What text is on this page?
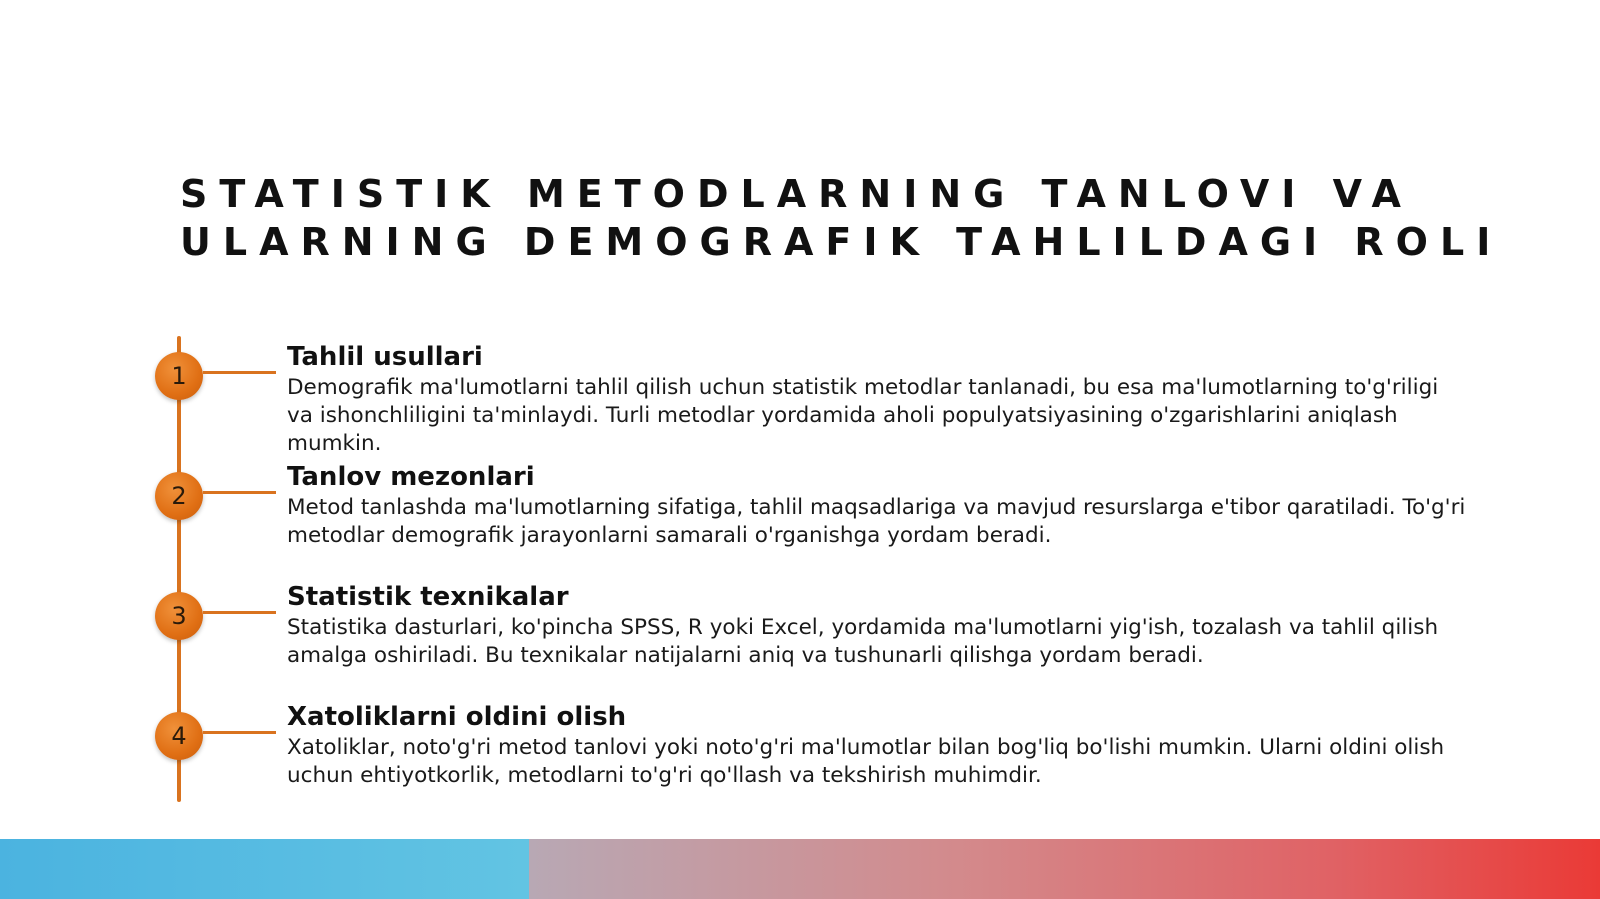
STATISTIK METODLARNING TANLOVI VA
ULARNING DEMOGRAFIK TAHLILDAGI ROLI
1
Tahlil usullari

Demografik ma'lumotlarni tahlil qilish uchun statistik metodlar tanlanadi, bu esa ma'lumotlarning to'g'riligi va ishonchliligini ta'minlaydi. Turli metodlar yordamida aholi populyatsiyasining o'zgarishlarini aniqlash mumkin.

2
Tanlov mezonlari

Metod tanlashda ma'lumotlarning sifatiga, tahlil maqsadlariga va mavjud resurslarga e'tibor qaratiladi. To'g'ri metodlar demografik jarayonlarni samarali o'rganishga yordam beradi.

3
Statistik texnikalar

Statistika dasturlari, ko'pincha SPSS, R yoki Excel, yordamida ma'lumotlarni yig'ish, tozalash va tahlil qilish amalga oshiriladi. Bu texnikalar natijalarni aniq va tushunarli qilishga yordam beradi.

4
Xatoliklarni oldini olish

Xatoliklar, noto'g'ri metod tanlovi yoki noto'g'ri ma'lumotlar bilan bog'liq bo'lishi mumkin. Ularni oldini olish uchun ehtiyotkorlik, metodlarni to'g'ri qo'llash va tekshirish muhimdir.
